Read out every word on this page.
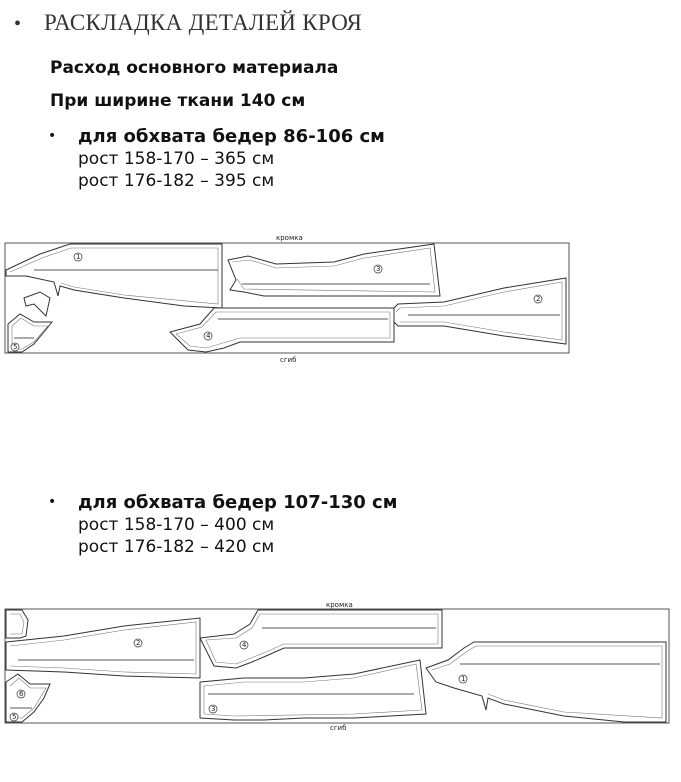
• РАСКЛАДКА ДЕТАЛЕЙ КРОЯ
Расход основного материала
При ширине ткани 140 см
• для обхвата бедер 86-106 см
рост 158-170 – 365 см
рост 176-182 – 395 см
кромка
сгиб
1
3
2
4
5
• для обхвата бедер 107-130 см
рост 158-170 – 400 см
рост 176-182 – 420 см
кромка
сгиб
2	4
3
1
6
5
